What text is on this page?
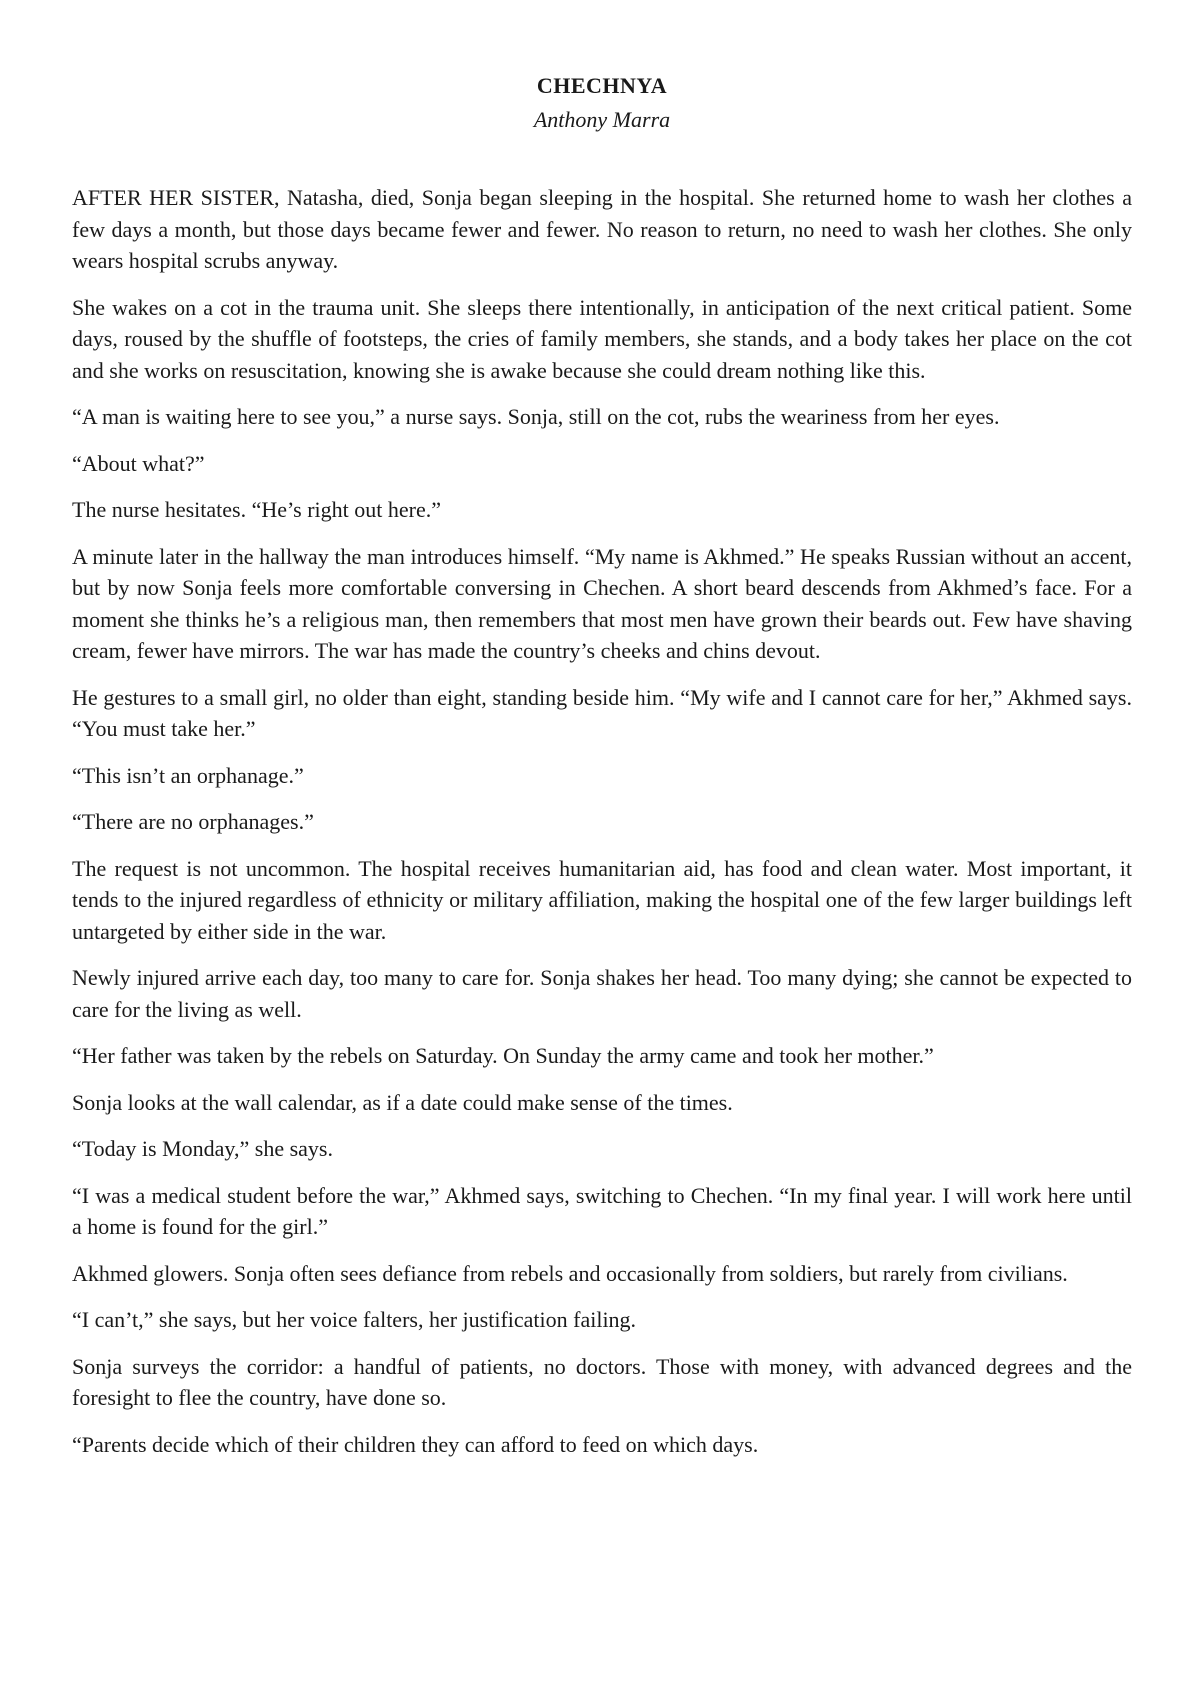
CHECHNYA

Anthony Marra

AFTER HER SISTER, Natasha, died, Sonja began sleeping in the hospital. She returned home to wash her clothes a few days a month, but those days became fewer and fewer. No reason to return, no need to wash her clothes. She only wears hospital scrubs anyway.

She wakes on a cot in the trauma unit. She sleeps there intentionally, in anticipation of the next critical patient. Some days, roused by the shuffle of footsteps, the cries of family members, she stands, and a body takes her place on the cot and she works on resuscitation, knowing she is awake because she could dream nothing like this.

“A man is waiting here to see you,” a nurse says. Sonja, still on the cot, rubs the weariness from her eyes.

“About what?”

The nurse hesitates. “He’s right out here.”

A minute later in the hallway the man introduces himself. “My name is Akhmed.” He speaks Russian without an accent, but by now Sonja feels more comfortable conversing in Chechen. A short beard descends from Akhmed’s face. For a moment she thinks he’s a religious man, then remembers that most men have grown their beards out. Few have shaving cream, fewer have mirrors. The war has made the country’s cheeks and chins devout.

He gestures to a small girl, no older than eight, standing beside him. “My wife and I cannot care for her,” Akhmed says. “You must take her.”

“This isn’t an orphanage.”

“There are no orphanages.”

The request is not uncommon. The hospital receives humanitarian aid, has food and clean water. Most important, it tends to the injured regardless of ethnicity or military affiliation, making the hospital one of the few larger buildings left untargeted by either side in the war.

Newly injured arrive each day, too many to care for. Sonja shakes her head. Too many dying; she cannot be expected to care for the living as well.

“Her father was taken by the rebels on Saturday. On Sunday the army came and took her mother.”

Sonja looks at the wall calendar, as if a date could make sense of the times.

“Today is Monday,” she says.

“I was a medical student before the war,” Akhmed says, switching to Chechen. “In my final year. I will work here until a home is found for the girl.”

Akhmed glowers. Sonja often sees defiance from rebels and occasionally from soldiers, but rarely from civilians.

“I can’t,” she says, but her voice falters, her justification failing.

Sonja surveys the corridor: a handful of patients, no doctors. Those with money, with advanced degrees and the foresight to flee the country, have done so.

“Parents decide which of their children they can afford to feed on which days.
